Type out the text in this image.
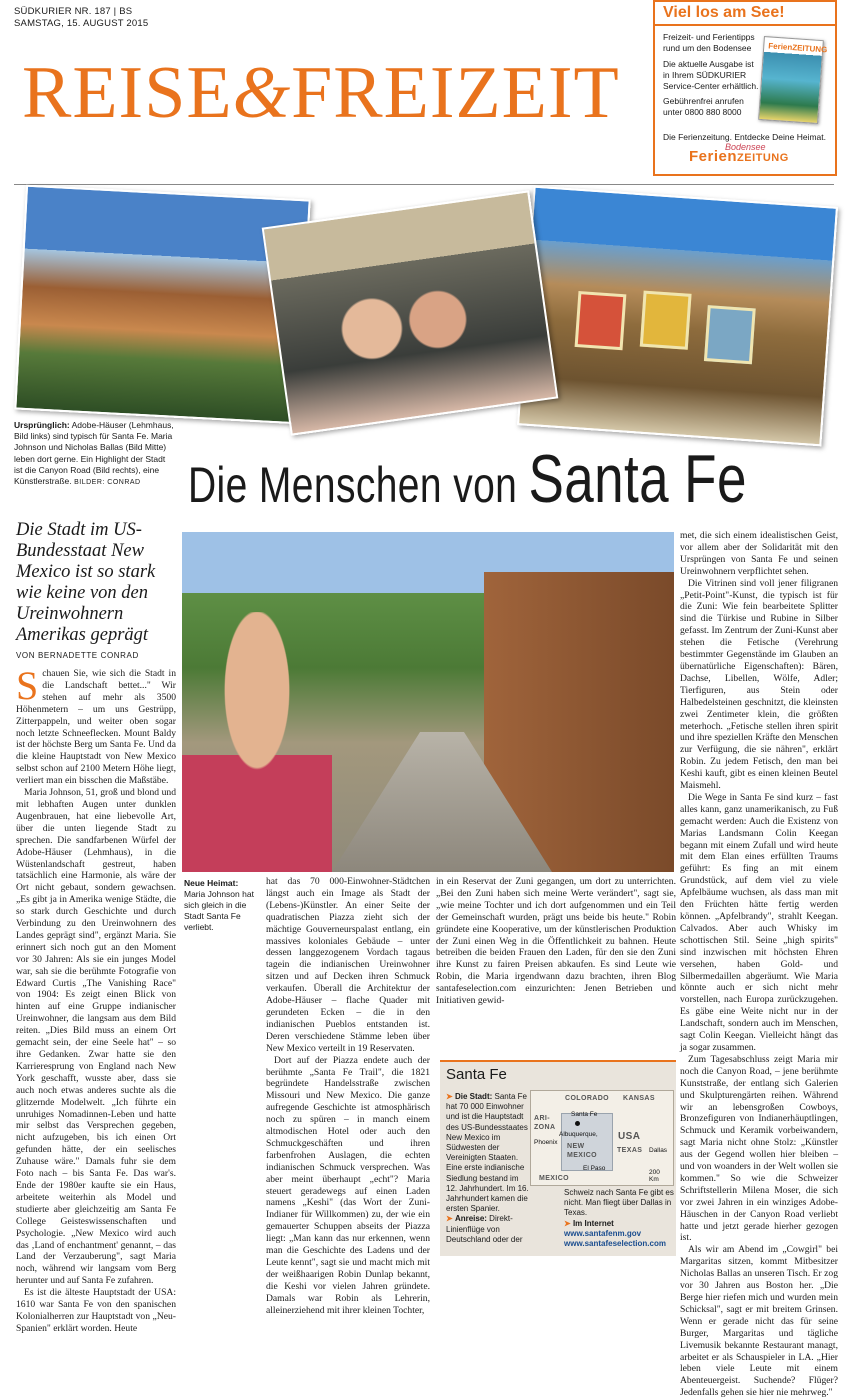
SÜDKURIER NR. 187 | BS
SAMSTAG, 15. AUGUST 2015
REISE&FREIZEIT
Viel los am See!
Freizeit- und Ferientipps rund um den Bodensee
Die aktuelle Ausgabe ist in Ihrem SÜDKURIER Service-Center erhältlich.
Gebührenfrei anrufen unter 0800 880 8000
FerienZEITUNG
Die Ferienzeitung. Entdecke Deine Heimat.
Bodensee
FerienZEITUNG
Ursprünglich: Adobe-Häuser (Lehmhaus, Bild links) sind typisch für Santa Fe. Maria Johnson und Nicholas Ballas (Bild Mitte) leben dort gerne. Ein Highlight der Stadt ist die Canyon Road (Bild rechts), eine Künstlerstraße. BILDER: CONRAD Die Menschen von Santa Fe
Die Stadt im US-Bundesstaat New Mexico ist so stark wie keine von den Ureinwohnern Amerikas geprägt
VON BERNADETTE CONRAD
Neue Heimat: Maria Johnson hat sich gleich in die Stadt Santa Fe verliebt.

Schauen Sie, wie sich die Stadt in die Landschaft bettet..." Wir stehen auf mehr als 3500 Höhenmetern – um uns Gestrüpp, Zitterpappeln, und weiter oben sogar noch letzte Schneeflecken. Mount Baldy ist der höchste Berg um Santa Fe. Und da die kleine Hauptstadt von New Mexico selbst schon auf 2100 Metern Höhe liegt, verliert man ein bisschen die Maßstäbe.

Maria Johnson, 51, groß und blond und mit lebhaften Augen unter dunklen Augenbrauen, hat eine liebevolle Art, über die unten liegende Stadt zu sprechen. Die sandfarbenen Würfel der Adobe-Häuser (Lehmhaus), in die Wüstenlandschaft gestreut, haben tatsächlich eine Harmonie, als wäre der Ort nicht gebaut, sondern gewachsen. „Es gibt ja in Amerika wenige Städte, die so stark durch Geschichte und durch Verbindung zu den Ureinwohnern des Landes geprägt sind", ergänzt Maria. Sie erinnert sich noch gut an den Moment vor 30 Jahren: Als sie ein junges Model war, sah sie die berühmte Fotografie von Edward Curtis „The Vanishing Race" von 1904: Es zeigt einen Blick von hinten auf eine Gruppe indianischer Ureinwohner, die langsam aus dem Bild reiten. „Dies Bild muss an einem Ort gemacht sein, der eine Seele hat" – so ihre Gedanken. Zwar hatte sie den Karrieresprung von England nach New York geschafft, wusste aber, dass sie auch noch etwas anderes suchte als die glitzernde Modelwelt. „Ich führte ein unruhiges Nomadinnen-Leben und hatte mir selbst das Versprechen gegeben, nicht aufzugeben, bis ich einen Ort gefunden hätte, der ein seelisches Zuhause wäre." Damals fuhr sie dem Foto nach – bis Santa Fe. Das war's. Ende der 1980er kaufte sie ein Haus, arbeitete weiterhin als Model und studierte aber gleichzeitig am Santa Fe College Geisteswissenschaften und Psychologie. „New Mexico wird auch das ‚Land of enchantment' genannt, – das Land der Verzauberung", sagt Maria noch, während wir langsam vom Berg herunter und auf Santa Fe zufahren.

Es ist die älteste Hauptstadt der USA: 1610 war Santa Fe von den spanischen Kolonialherren zur Hauptstadt von „Neu-Spanien" erklärt worden. Heute

hat das 70 000-Einwohner-Städtchen längst auch ein Image als Stadt der (Lebens-)Künstler. An einer Seite der quadratischen Piazza zieht sich der mächtige Gouverneurspalast entlang, ein massives koloniales Gebäude – unter dessen langgezogenem Vordach tagaus tagein die indianischen Ureinwohner sitzen und auf Decken ihren Schmuck verkaufen. Überall die Architektur der Adobe-Häuser – flache Quader mit gerundeten Ecken – die in den indianischen Pueblos entstanden ist. Deren verschiedene Stämme leben über New Mexico verteilt in 19 Reservaten.

Dort auf der Piazza endete auch der berühmte „Santa Fe Trail", die 1821 begründete Handelsstraße zwischen Missouri und New Mexico. Die ganze aufregende Geschichte ist atmosphärisch noch zu spüren – in manch einem altmodischen Hotel oder auch den Schmuckgeschäften und ihren farbenfrohen Auslagen, die echten indianischen Schmuck versprechen. Was aber meint überhaupt „echt"? Maria steuert geradewegs auf einen Laden namens „Keshi" (das Wort der Zuni-Indianer für Willkommen) zu, der wie ein gemauerter Schuppen abseits der Piazza liegt: „Man kann das nur erkennen, wenn man die Geschichte des Ladens und der Leute kennt", sagt sie und macht mich mit der weißhaarigen Robin Dunlap bekannt, die Keshi vor vielen Jahren gründete. Damals war Robin als Lehrerin, alleinerziehend mit ihrer kleinen Tochter,

in ein Reservat der Zuni gegangen, um dort zu unterrichten. „Bei den Zuni haben sich meine Werte verändert", sagt sie, „wie meine Tochter und ich dort aufgenommen und ein Teil der Gemeinschaft wurden, prägt uns beide bis heute." Robin gründete eine Kooperative, um der künstlerischen Produktion der Zuni einen Weg in die Öffentlichkeit zu bahnen. Heute betreiben die beiden Frauen den Laden, für den sie den Zuni ihre Kunst zu fairen Preisen abkaufen. Es sind Leute wie Robin, die Maria irgendwann dazu brachten, ihren Blog santafeselection.com einzurichten: Jenen Betrieben und Initiativen gewid-

met, die sich einem idealistischen Geist, vor allem aber der Solidarität mit den Ursprüngen von Santa Fe und seinen Ureinwohnern verpflichtet sehen.

Die Vitrinen sind voll jener filigranen „Petit-Point"-Kunst, die typisch ist für die Zuni: Wie fein bearbeitete Splitter sind die Türkise und Rubine in Silber gefasst. Im Zentrum der Zuni-Kunst aber stehen die Fetische (Verehrung bestimmter Gegenstände im Glauben an übernatürliche Eigenschaften): Bären, Dachse, Libellen, Wölfe, Adler; Tierfiguren, aus Stein oder Halbedelsteinen geschnitzt, die kleinsten zwei Zentimeter klein, die größten meterhoch. „Fetische stellen ihren spirit und ihre speziellen Kräfte den Menschen zur Verfügung, die sie nähren", erklärt Robin. Zu jedem Fetisch, den man bei Keshi kauft, gibt es einen kleinen Beutel Maismehl.

Die Wege in Santa Fe sind kurz – fast alles kann, ganz unamerikanisch, zu Fuß gemacht werden: Auch die Existenz von Marias Landsmann Colin Keegan begann mit einem Zufall und wird heute mit dem Elan eines erfüllten Traums geführt: Es fing an mit einem Grundstück, auf dem viel zu viele Apfelbäume wuchsen, als dass man mit den Früchten hätte fertig werden können. „Apfelbrandy", strahlt Keegan. Calvados. Aber auch Whisky im schottischen Stil. Seine „high spirits" sind inzwischen mit höchsten Ehren versehen, haben Gold- und Silbermedaillen abgeräumt. Wie Maria könnte auch er sich nicht mehr vorstellen, nach Europa zurückzugehen. Es gäbe eine Weite nicht nur in der Landschaft, sondern auch im Menschen, sagt Colin Keegan. Vielleicht hängt das ja sogar zusammen.

Zum Tagesabschluss zeigt Maria mir noch die Canyon Road, – jene berühmte Kunststraße, der entlang sich Galerien und Skulpturengärten reihen. Während wir an lebensgroßen Cowboys, Bronzefiguren von Indianerhäuptlingen, Schmuck und Keramik vorbeiwandern, sagt Maria nicht ohne Stolz: „Künstler aus der Gegend wollen hier bleiben – und von woanders in der Welt wollen sie kommen." So wie die Schweizer Schriftstellerin Milena Moser, die sich vor zwei Jahren in ein winziges Adobe-Häuschen in der Canyon Road verliebt hatte und jetzt gerade hierher gezogen ist.

Als wir am Abend im „Cowgirl" bei Margaritas sitzen, kommt Mitbesitzer Nicholas Ballas an unseren Tisch. Er zog vor 30 Jahren aus Boston her. „Die Berge hier riefen mich und wurden mein Schicksal", sagt er mit breitem Grinsen. Wenn er gerade nicht das für seine Burger, Margaritas und tägliche Livemusik bekannte Restaurant managt, arbeitet er als Schauspieler in LA. „Hier leben viele Leute mit einem Abenteuergeist. Suchende? Flüger? Jedenfalls gehen sie hier nie mehrweg."

Santa Fe
➤ Die Stadt: Santa Fe hat 70 000 Einwohner und ist die Hauptstadt des US-Bundesstaates New Mexico im Südwesten der Vereinigten Staaten. Eine erste indianische Siedlung bestand im 12. Jahrhundert. Im 16. Jahrhundert kamen die ersten Spanier.
➤ Anreise: Direkt-Linienflüge von Deutschland oder der
COLORADO KANSAS
ARI-
ZONA
NEW
MEXICO
USA
TEXAS
MEXICO
Santa Fe
Albuquerque,
Phoenix
El Paso
Dallas
200
Km
Schweiz nach Santa Fe gibt es nicht. Man fliegt über Dallas in Texas.
➤ Im Internet
www.santafenm.gov
www.santafeselection.com
